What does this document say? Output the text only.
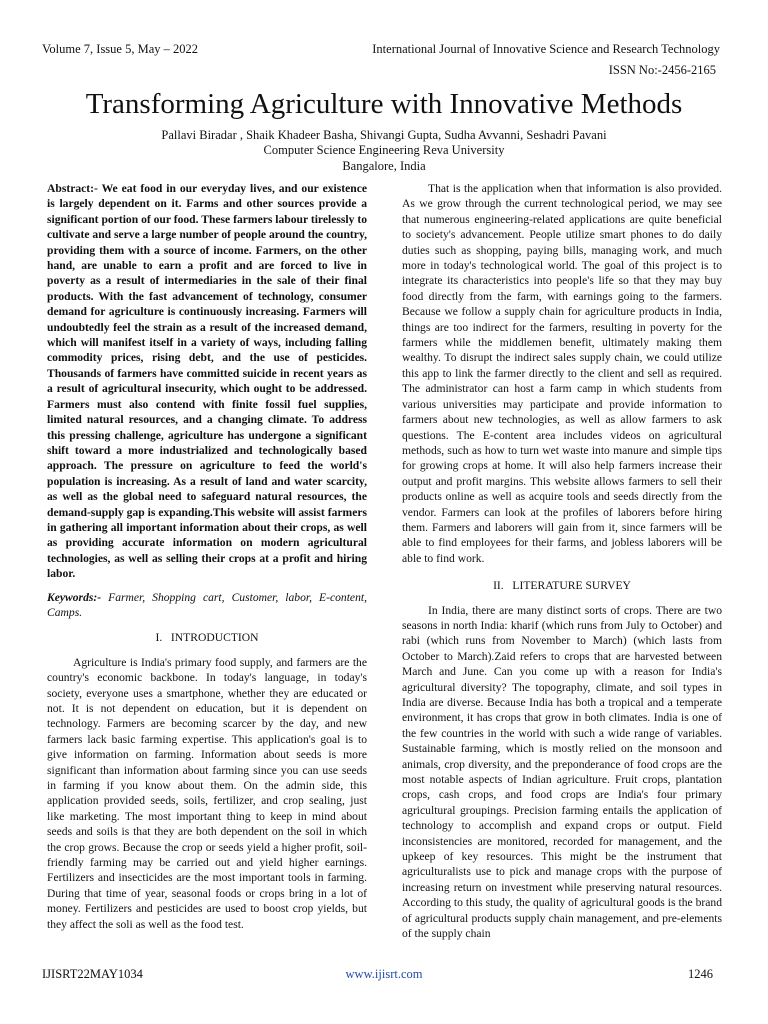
Volume 7, Issue 5, May – 2022	International Journal of Innovative Science and Research Technology
ISSN No:-2456-2165
Transforming Agriculture with Innovative Methods
Pallavi Biradar , Shaik Khadeer Basha, Shivangi Gupta, Sudha Avvanni, Seshadri Pavani
Computer Science Engineering Reva University
Bangalore, India

Abstract:- We eat food in our everyday lives, and our existence is largely dependent on it. Farms and other sources provide a significant portion of our food. These farmers labour tirelessly to cultivate and serve a large number of people around the country, providing them with a source of income. Farmers, on the other hand, are unable to earn a profit and are forced to live in poverty as a result of intermediaries in the sale of their final products. With the fast advancement of technology, consumer demand for agriculture is continuously increasing. Farmers will undoubtedly feel the strain as a result of the increased demand, which will manifest itself in a variety of ways, including falling commodity prices, rising debt, and the use of pesticides. Thousands of farmers have committed suicide in recent years as a result of agricultural insecurity, which ought to be addressed. Farmers must also contend with finite fossil fuel supplies, limited natural resources, and a changing climate. To address this pressing challenge, agriculture has undergone a significant shift toward a more industrialized and technologically based approach. The pressure on agriculture to feed the world's population is increasing. As a result of land and water scarcity, as well as the global need to safeguard natural resources, the demand-supply gap is expanding.This website will assist farmers in gathering all important information about their crops, as well as providing accurate information on modern agricultural technologies, as well as selling their crops at a profit and hiring labor.

Keywords:- Farmer, Shopping cart, Customer, labor, E-content, Camps.

I.   INTRODUCTION

Agriculture is India's primary food supply, and farmers are the country's economic backbone. In today's language, in today's society, everyone uses a smartphone, whether they are educated or not. It is not dependent on education, but it is dependent on technology. Farmers are becoming scarcer by the day, and new farmers lack basic farming expertise. This application's goal is to give information on farming. Information about seeds is more significant than information about farming since you can use seeds in farming if you know about them. On the admin side, this application provided seeds, soils, fertilizer, and crop sealing, just like marketing. The most important thing to keep in mind about seeds and soils is that they are both dependent on the soil in which the crop grows. Because the crop or seeds yield a higher profit, soil-friendly farming may be carried out and yield higher earnings. Fertilizers and insecticides are the most important tools in farming. During that time of year, seasonal foods or crops bring in a lot of money. Fertilizers and pesticides are used to boost crop yields, but they affect the soli as well as the food test.

That is the application when that information is also provided. As we grow through the current technological period, we may see that numerous engineering-related applications are quite beneficial to society's advancement. People utilize smart phones to do daily duties such as shopping, paying bills, managing work, and much more in today's technological world. The goal of this project is to integrate its characteristics into people's life so that they may buy food directly from the farm, with earnings going to the farmers. Because we follow a supply chain for agriculture products in India, things are too indirect for the farmers, resulting in poverty for the farmers while the middlemen benefit, ultimately making them wealthy. To disrupt the indirect sales supply chain, we could utilize this app to link the farmer directly to the client and sell as required. The administrator can host a farm camp in which students from various universities may participate and provide information to farmers about new technologies, as well as allow farmers to ask questions. The E-content area includes videos on agricultural methods, such as how to turn wet waste into manure and simple tips for growing crops at home. It will also help farmers increase their output and profit margins. This website allows farmers to sell their products online as well as acquire tools and seeds directly from the vendor. Farmers can look at the profiles of laborers before hiring them. Farmers and laborers will gain from it, since farmers will be able to find employees for their farms, and jobless laborers will be able to find work.

II.   LITERATURE SURVEY

In India, there are many distinct sorts of crops. There are two seasons in north India: kharif (which runs from July to October) and rabi (which runs from November to March) (which lasts from October to March).Zaid refers to crops that are harvested between March and June. Can you come up with a reason for India's agricultural diversity? The topography, climate, and soil types in India are diverse. Because India has both a tropical and a temperate environment, it has crops that grow in both climates. India is one of the few countries in the world with such a wide range of variables. Sustainable farming, which is mostly relied on the monsoon and animals, crop diversity, and the preponderance of food crops are the most notable aspects of Indian agriculture. Fruit crops, plantation crops, cash crops, and food crops are India's four primary agricultural groupings. Precision farming entails the application of technology to accomplish and expand crops or output. Field inconsistencies are monitored, recorded for management, and the upkeep of key resources. This might be the instrument that agriculturalists use to pick and manage crops with the purpose of increasing return on investment while preserving natural resources. According to this study, the quality of agricultural goods is the brand of agricultural products supply chain management, and pre-elements of the supply chain

IJISRT22MAY1034	www.ijisrt.com	1246
